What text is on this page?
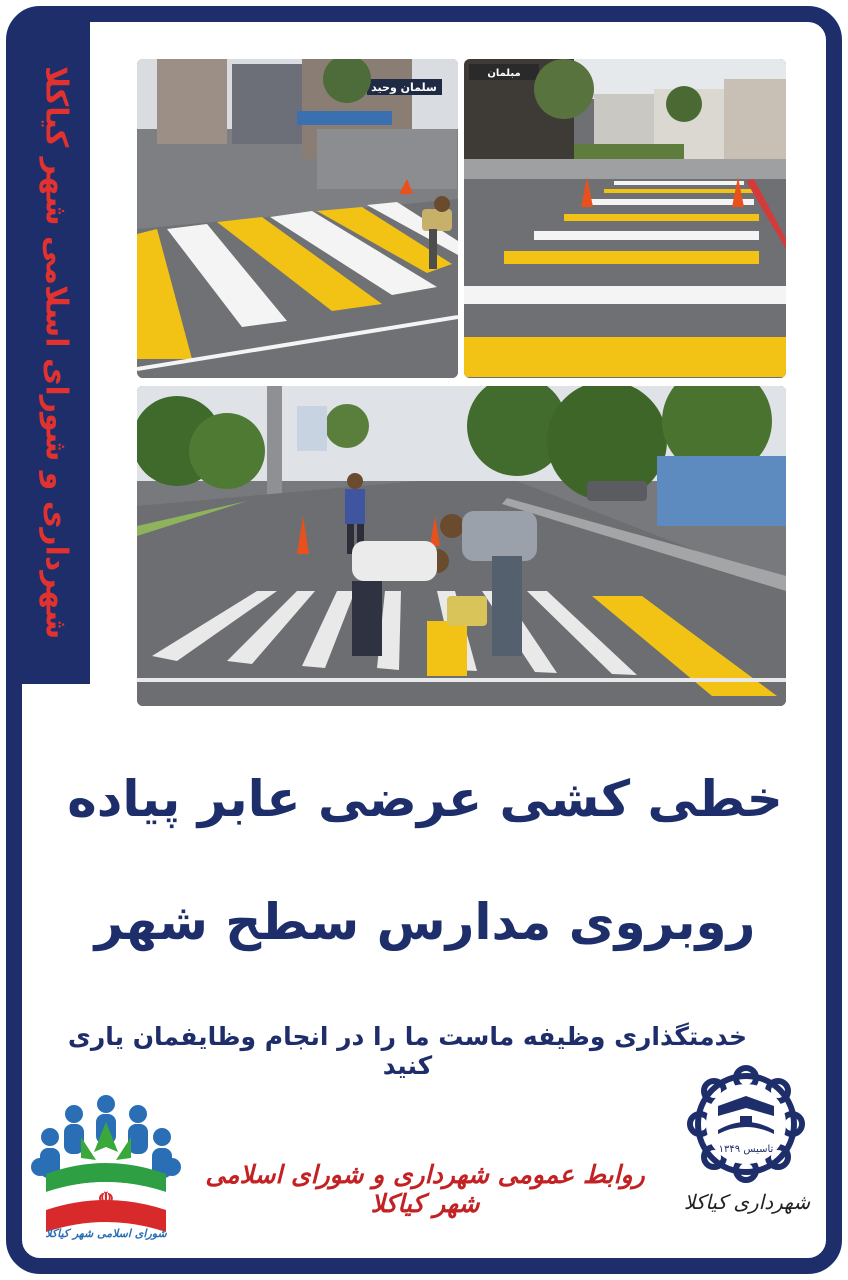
شهرداری و شورای اسلامی شهر کیاکلا	سلمان وحید
مبلمان
خطی کشی عرضی عابر پیاده
روبروی مدارس سطح شهر
خدمتگذاری وظیفه ماست ما را در انجام وظایفمان یاری کنید
☫
شورای اسلامی شهر کیاکلا
روابط عمومی شهرداری و شورای اسلامی شهر کیاکلا
تاسیس ۱۳۴۹
شهرداری کیاکلا
